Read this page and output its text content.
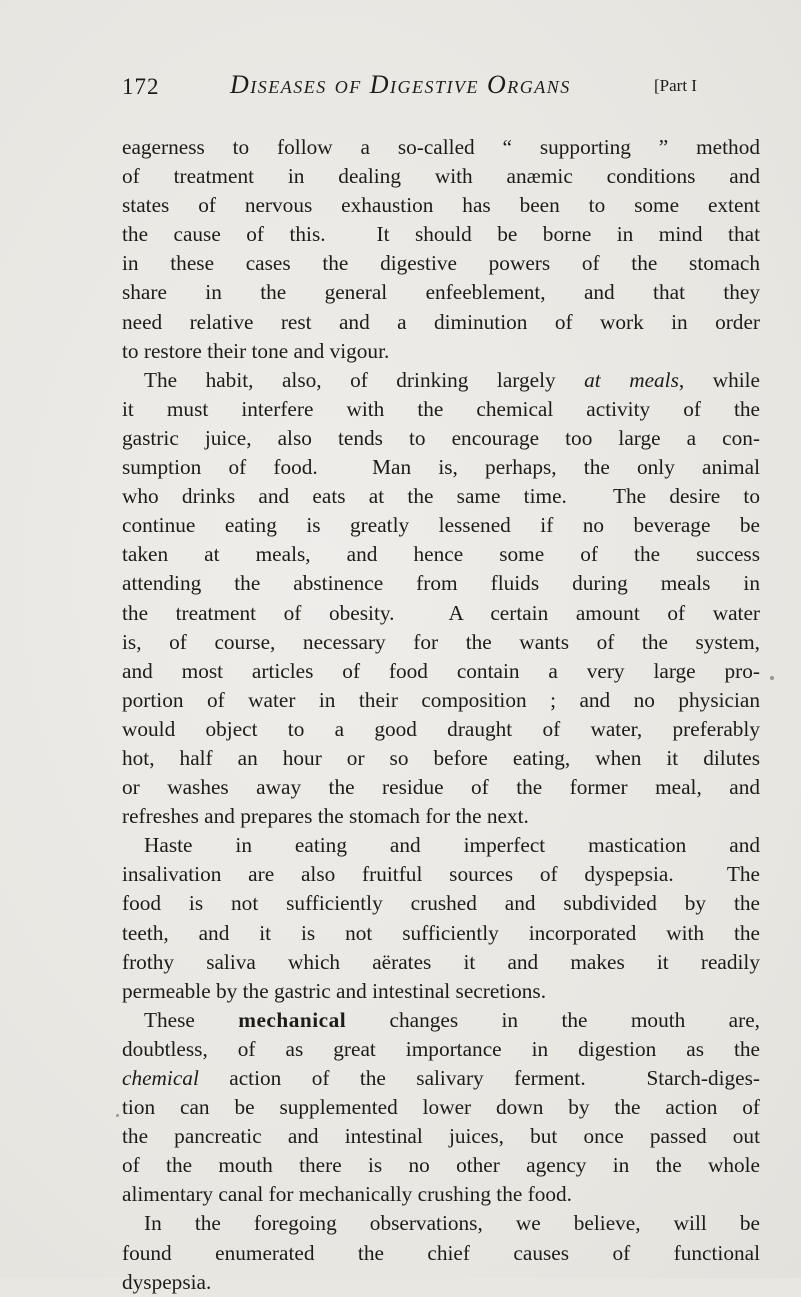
172	Diseases of Digestive Organs	[Part I
eagerness to follow a so-called “ supporting ” method
of treatment in dealing with anæmic conditions and
states of nervous exhaustion has been to some extent
the cause of this.  It should be borne in mind that
in these cases the digestive powers of the stomach
share in the general enfeeblement, and that they
need relative rest and a diminution of work in order
to restore their tone and vigour.
The habit, also, of drinking largely at meals, while
it must interfere with the chemical activity of the
gastric juice, also tends to encourage too large a con-
sumption of food.  Man is, perhaps, the only animal
who drinks and eats at the same time.  The desire to
continue eating is greatly lessened if no beverage be
taken at meals, and hence some of the success
attending the abstinence from fluids during meals in
the treatment of obesity.  A certain amount of water
is, of course, necessary for the wants of the system,
and most articles of food contain a very large pro-
portion of water in their composition ; and no physician
would object to a good draught of water, preferably
hot, half an hour or so before eating, when it dilutes
or washes away the residue of the former meal, and
refreshes and prepares the stomach for the next.
Haste in eating and imperfect mastication and
insalivation are also fruitful sources of dyspepsia.  The
food is not sufficiently crushed and subdivided by the
teeth, and it is not sufficiently incorporated with the
frothy saliva which aërates it and makes it readily
permeable by the gastric and intestinal secretions.
These mechanical changes in the mouth are,
doubtless, of as great importance in digestion as the
chemical action of the salivary ferment.  Starch-diges-
tion can be supplemented lower down by the action of
the pancreatic and intestinal juices, but once passed out
of the mouth there is no other agency in the whole
alimentary canal for mechanically crushing the food.
In the foregoing observations, we believe, will be
found enumerated the chief causes of functional
dyspepsia.
